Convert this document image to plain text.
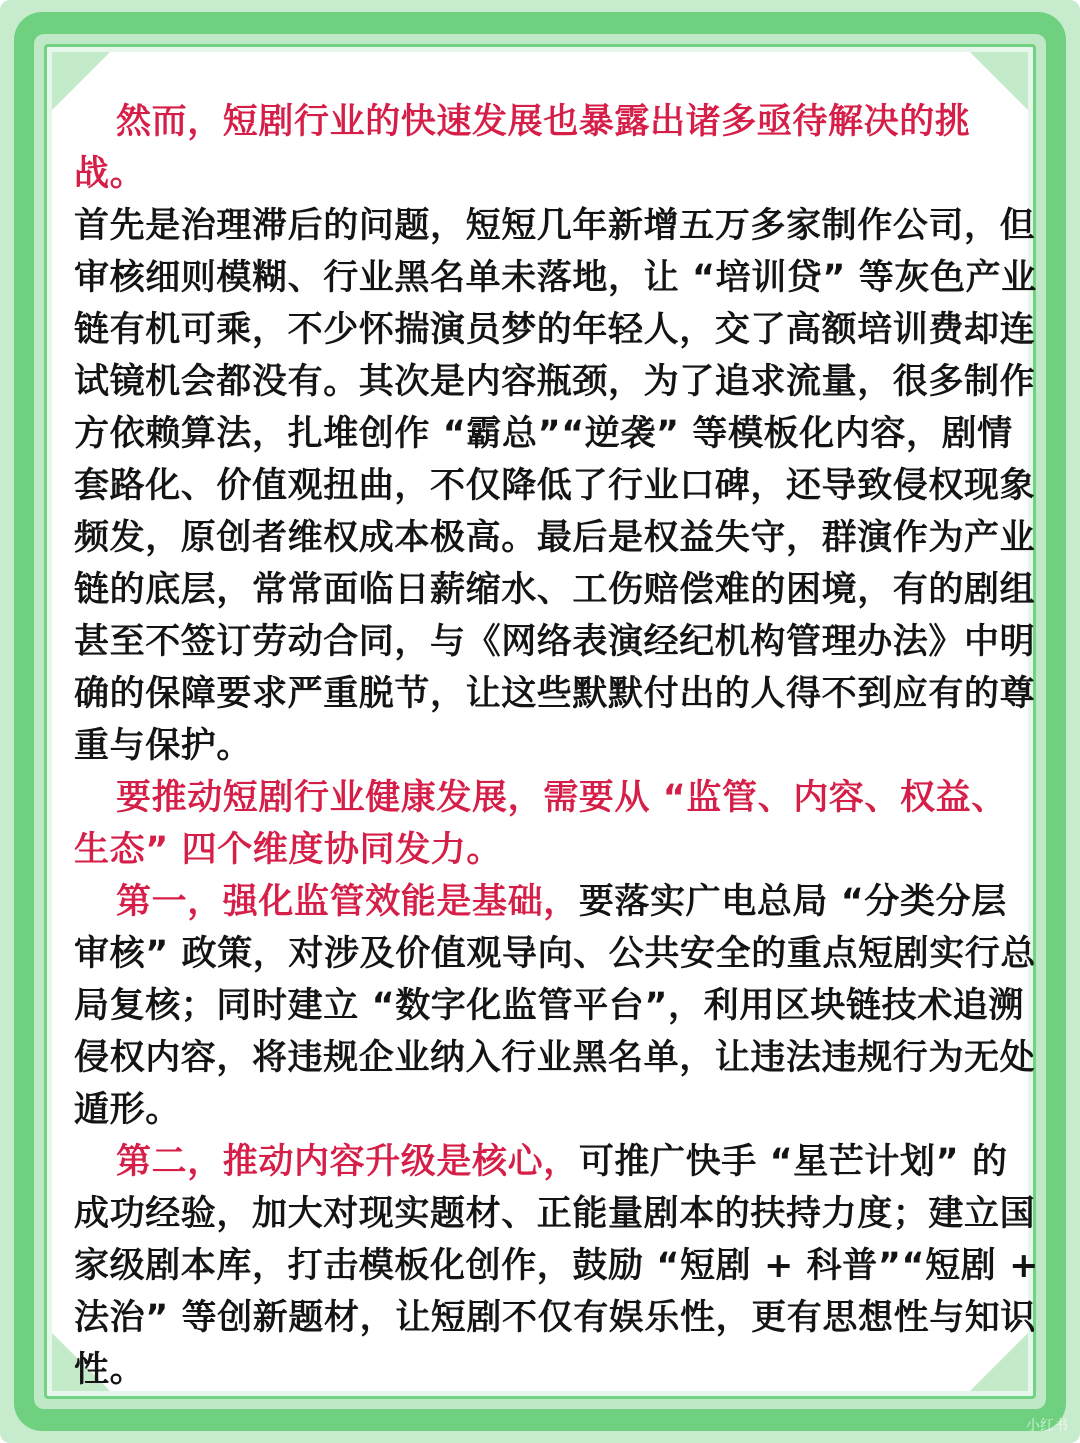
然而，短剧行业的快速发展也暴露出诸多亟待解决的挑战。
首先是治理滞后的问题，短短几年新增五万多家制作公司，但审核细则模糊、行业黑名单未落地，让 “培训贷” 等灰色产业链有机可乘，不少怀揣演员梦的年轻人，交了高额培训费却连试镜机会都没有。其次是内容瓶颈，为了追求流量，很多制作方依赖算法，扎堆创作 “霸总”“逆袭” 等模板化内容，剧情套路化、价值观扭曲，不仅降低了行业口碑，还导致侵权现象频发，原创者维权成本极高。最后是权益失守，群演作为产业链的底层，常常面临日薪缩水、工伤赔偿难的困境，有的剧组甚至不签订劳动合同，与《网络表演经纪机构管理办法》中明确的保障要求严重脱节，让这些默默付出的人得不到应有的尊重与保护。

要推动短剧行业健康发展，需要从 “监管、内容、权益、生态” 四个维度协同发力。

第一，强化监管效能是基础，要落实广电总局 “分类分层审核” 政策，对涉及价值观导向、公共安全的重点短剧实行总局复核；同时建立 “数字化监管平台”，利用区块链技术追溯侵权内容，将违规企业纳入行业黑名单，让违法违规行为无处遁形。

第二，推动内容升级是核心，可推广快手 “星芒计划” 的成功经验，加大对现实题材、正能量剧本的扶持力度；建立国家级剧本库，打击模板化创作，鼓励 “短剧 + 科普”“短剧 + 法治” 等创新题材，让短剧不仅有娱乐性，更有思想性与知识性。

小红书
